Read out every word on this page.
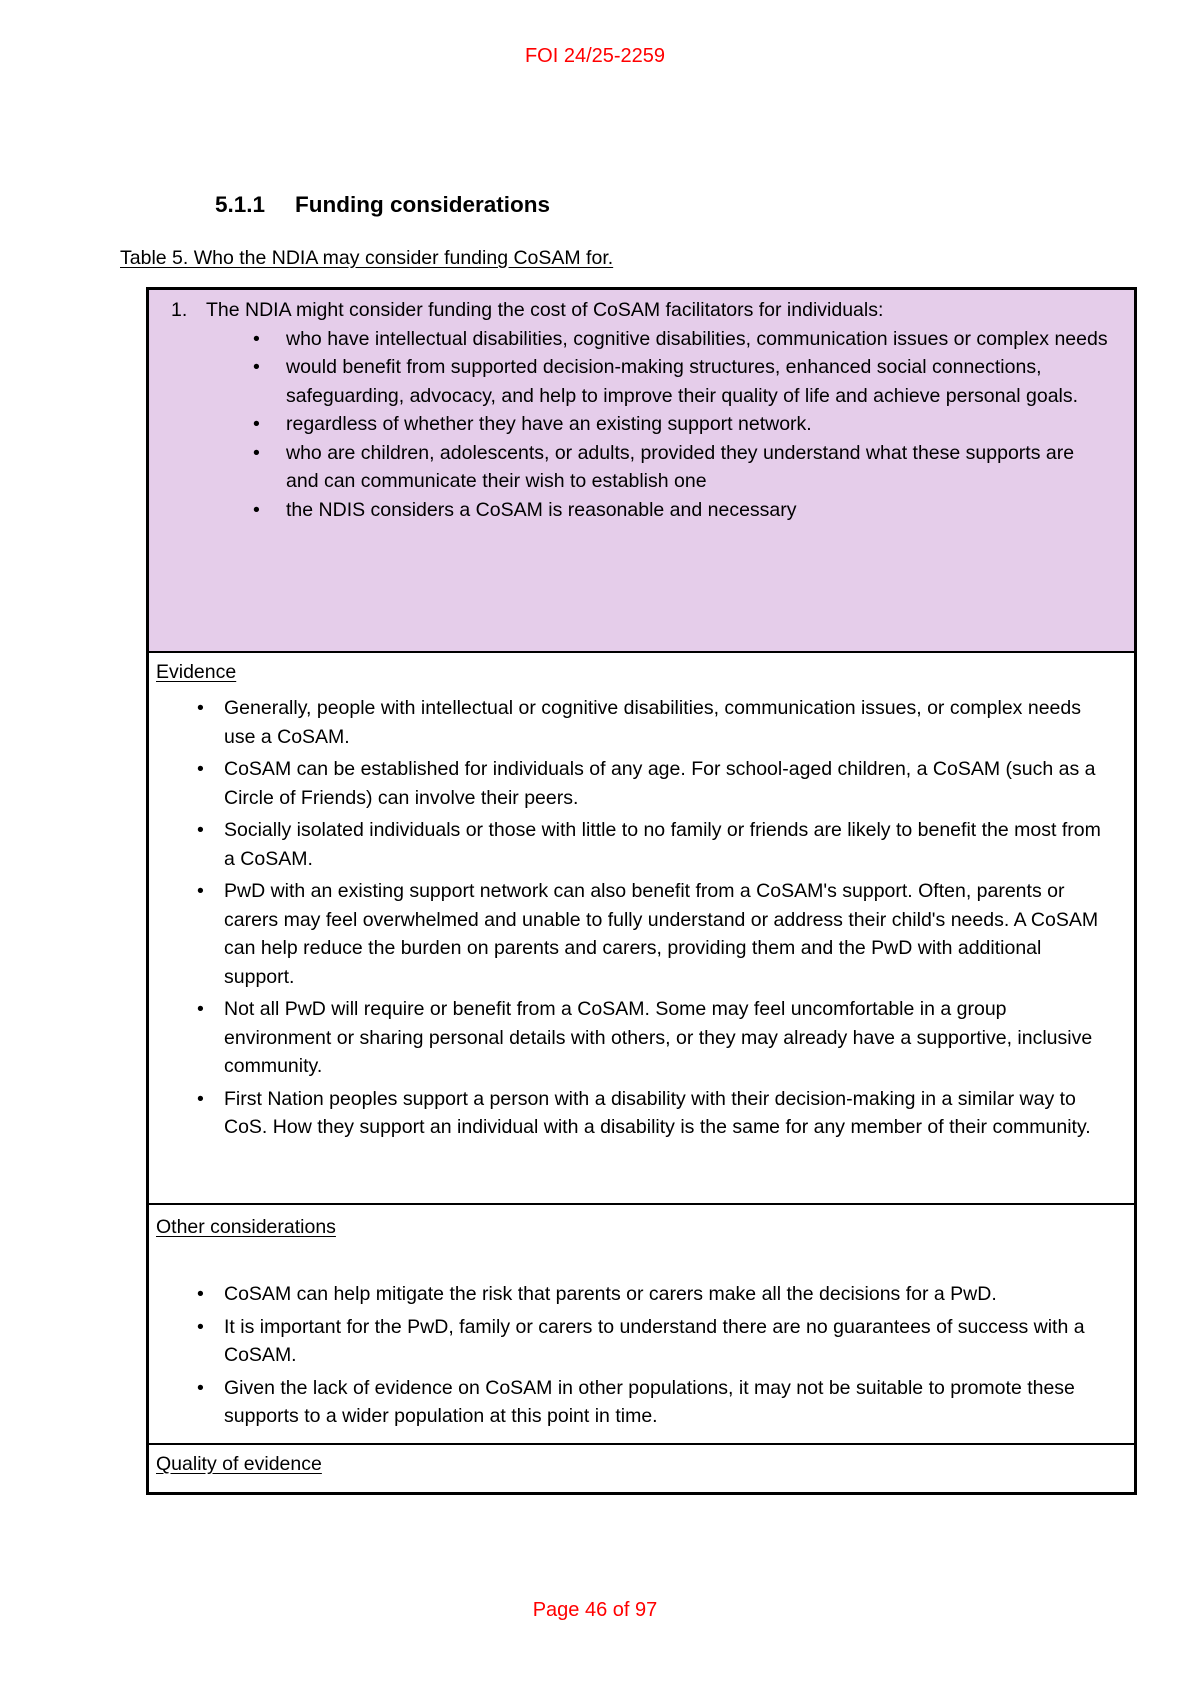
FOI 24/25-2259
5.1.1 Funding considerations
Table 5. Who the NDIA may consider funding CoSAM for.
1. The NDIA might consider funding the cost of CoSAM facilitators for individuals:
•	who have intellectual disabilities, cognitive disabilities, communication issues or complex needs
•	would benefit from supported decision-making structures, enhanced social connections, safeguarding, advocacy, and help to improve their quality of life and achieve personal goals.
•	regardless of whether they have an existing support network.
•	who are children, adolescents, or adults, provided they understand what these supports are and can communicate their wish to establish one
•	the NDIS considers a CoSAM is reasonable and necessary
Evidence
•	Generally, people with intellectual or cognitive disabilities, communication issues, or complex needs use a CoSAM.
•	CoSAM can be established for individuals of any age. For school-aged children, a CoSAM (such as a Circle of Friends) can involve their peers.
•	Socially isolated individuals or those with little to no family or friends are likely to benefit the most from a CoSAM.
•	PwD with an existing support network can also benefit from a CoSAM's support. Often, parents or carers may feel overwhelmed and unable to fully understand or address their child's needs. A CoSAM can help reduce the burden on parents and carers, providing them and the PwD with additional support.
•	Not all PwD will require or benefit from a CoSAM. Some may feel uncomfortable in a group environment or sharing personal details with others, or they may already have a supportive, inclusive community.
•	First Nation peoples support a person with a disability with their decision-making in a similar way to CoS. How they support an individual with a disability is the same for any member of their community.
Other considerations
•	CoSAM can help mitigate the risk that parents or carers make all the decisions for a PwD.
•	It is important for the PwD, family or carers to understand there are no guarantees of success with a CoSAM.
•	Given the lack of evidence on CoSAM in other populations, it may not be suitable to promote these supports to a wider population at this point in time.
Quality of evidence
Page 46 of 97
